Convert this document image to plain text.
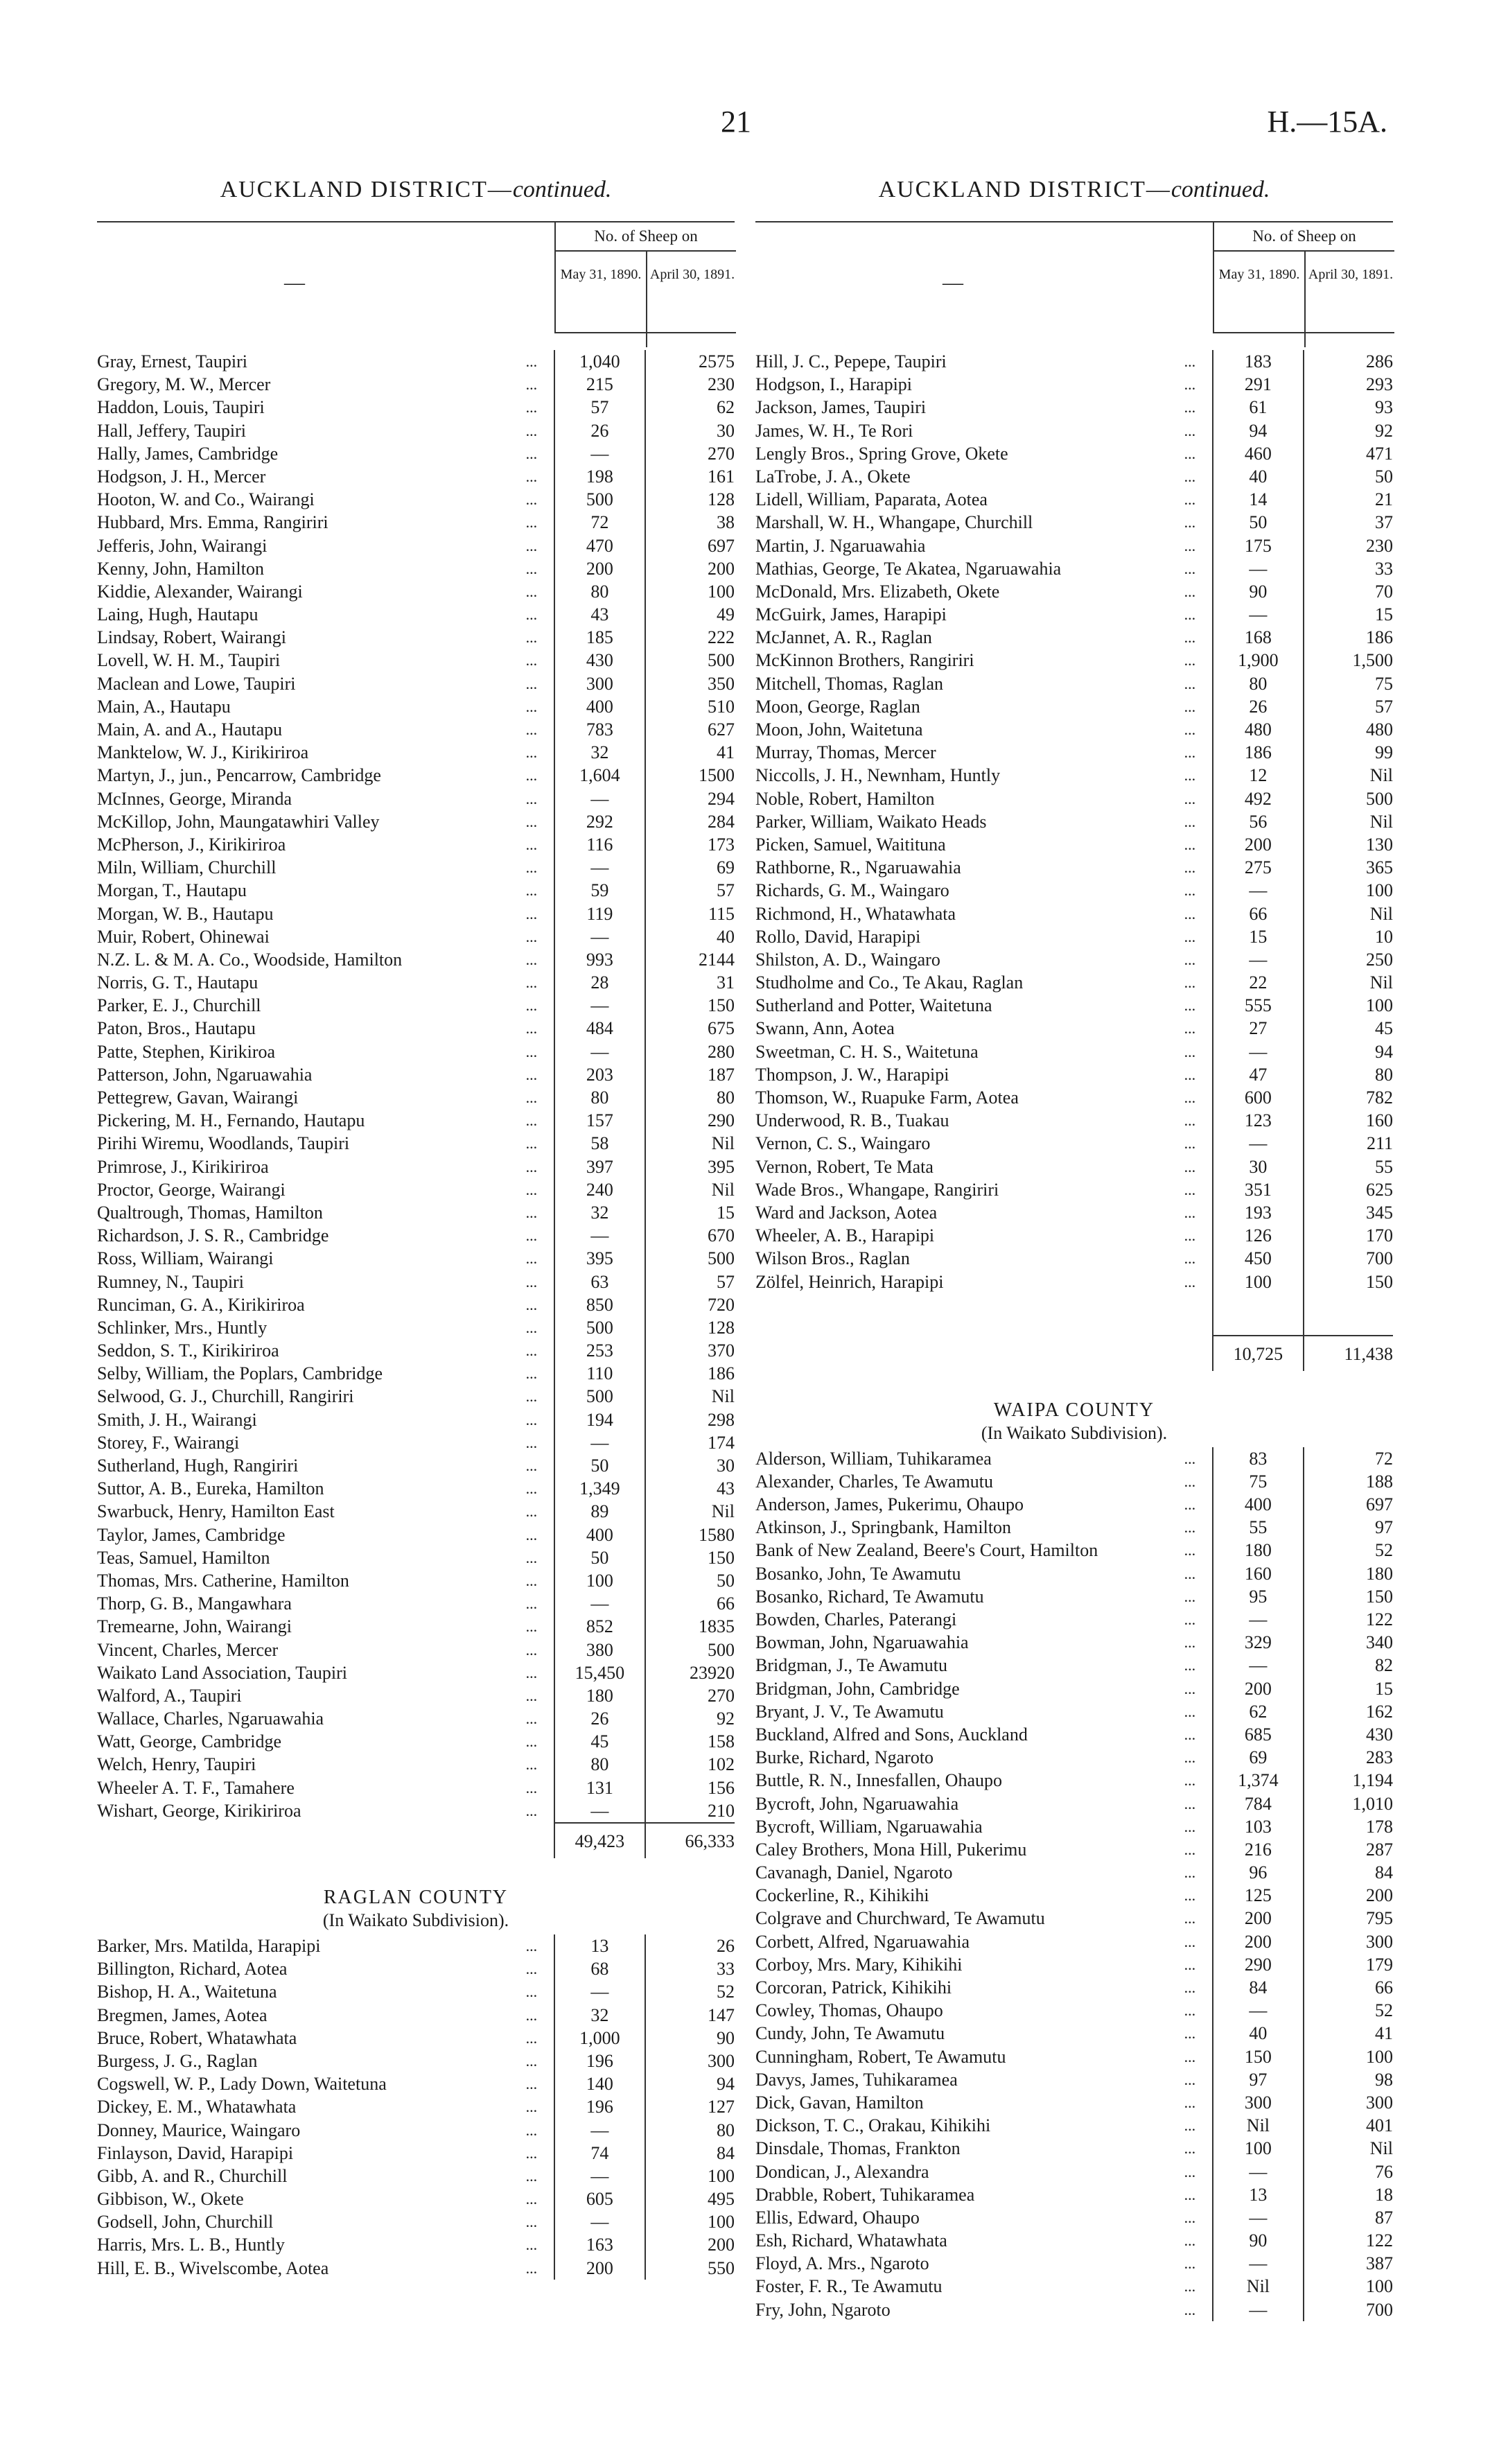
21	H.—15A.
AUCKLAND DISTRICT—continued.
—
No. of Sheep on
May 31, 1890. April 30, 1891.
Gray, Ernest, Taupiri	...	1,040	2575
Gregory, M. W., Mercer	...	215	230
Haddon, Louis, Taupiri	...	57	62
Hall, Jeffery, Taupiri	...	26	30
Hally, James, Cambridge	...	—	270
Hodgson, J. H., Mercer	...	198	161
Hooton, W. and Co., Wairangi	...	500	128
Hubbard, Mrs. Emma, Rangiriri	...	72	38
Jefferis, John, Wairangi	...	470	697
Kenny, John, Hamilton	...	200	200
Kiddie, Alexander, Wairangi	...	80	100
Laing, Hugh, Hautapu	...	43	49
Lindsay, Robert, Wairangi	...	185	222
Lovell, W. H. M., Taupiri	...	430	500
Maclean and Lowe, Taupiri	...	300	350
Main, A., Hautapu	...	400	510
Main, A. and A., Hautapu	...	783	627
Manktelow, W. J., Kirikiriroa	...	32	41
Martyn, J., jun., Pencarrow, Cambridge	...	1,604	1500
McInnes, George, Miranda	...	—	294
McKillop, John, Maungatawhiri Valley	...	292	284
McPherson, J., Kirikiriroa	...	116	173
Miln, William, Churchill	...	—	69
Morgan, T., Hautapu	...	59	57
Morgan, W. B., Hautapu	...	119	115
Muir, Robert, Ohinewai	...	—	40
N.Z. L. & M. A. Co., Woodside, Hamilton	...	993	2144
Norris, G. T., Hautapu	...	28	31
Parker, E. J., Churchill	...	—	150
Paton, Bros., Hautapu	...	484	675
Patte, Stephen, Kirikiroa	...	—	280
Patterson, John, Ngaruawahia	...	203	187
Pettegrew, Gavan, Wairangi	...	80	80
Pickering, M. H., Fernando, Hautapu	...	157	290
Pirihi Wiremu, Woodlands, Taupiri	...	58	Nil
Primrose, J., Kirikiriroa	...	397	395
Proctor, George, Wairangi	...	240	Nil
Qualtrough, Thomas, Hamilton	...	32	15
Richardson, J. S. R., Cambridge	...	—	670
Ross, William, Wairangi	...	395	500
Rumney, N., Taupiri	...	63	57
Runciman, G. A., Kirikiriroa	...	850	720
Schlinker, Mrs., Huntly	...	500	128
Seddon, S. T., Kirikiriroa	...	253	370
Selby, William, the Poplars, Cambridge	...	110	186
Selwood, G. J., Churchill, Rangiriri	...	500	Nil
Smith, J. H., Wairangi	...	194	298
Storey, F., Wairangi	...	—	174
Sutherland, Hugh, Rangiriri	...	50	30
Suttor, A. B., Eureka, Hamilton	...	1,349	43
Swarbuck, Henry, Hamilton East	...	89	Nil
Taylor, James, Cambridge	...	400	1580
Teas, Samuel, Hamilton	...	50	150
Thomas, Mrs. Catherine, Hamilton	...	100	50
Thorp, G. B., Mangawhara	...	—	66
Tremearne, John, Wairangi	...	852	1835
Vincent, Charles, Mercer	...	380	500
Waikato Land Association, Taupiri	...	15,450	23920
Walford, A., Taupiri	...	180	270
Wallace, Charles, Ngaruawahia	...	26	92
Watt, George, Cambridge	...	45	158
Welch, Henry, Taupiri	...	80	102
Wheeler A. T. F., Tamahere	...	131	156
Wishart, George, Kirikiriroa	...	—	210
49,423	66,333
RAGLAN COUNTY
(In Waikato Subdivision).
Barker, Mrs. Matilda, Harapipi	...	13	26
Billington, Richard, Aotea	...	68	33
Bishop, H. A., Waitetuna	...	—	52
Bregmen, James, Aotea	...	32	147
Bruce, Robert, Whatawhata	...	1,000	90
Burgess, J. G., Raglan	...	196	300
Cogswell, W. P., Lady Down, Waitetuna	...	140	94
Dickey, E. M., Whatawhata	...	196	127
Donney, Maurice, Waingaro	...	—	80
Finlayson, David, Harapipi	...	74	84
Gibb, A. and R., Churchill	...	—	100
Gibbison, W., Okete	...	605	495
Godsell, John, Churchill	...	—	100
Harris, Mrs. L. B., Huntly	...	163	200
Hill, E. B., Wivelscombe, Aotea	...	200	550
AUCKLAND DISTRICT—continued.
—
No. of Sheep on
May 31, 1890. April 30, 1891.
Hill, J. C., Pepepe, Taupiri	...	183	286
Hodgson, I., Harapipi	...	291	293
Jackson, James, Taupiri	...	61	93
James, W. H., Te Rori	...	94	92
Lengly Bros., Spring Grove, Okete	...	460	471
LaTrobe, J. A., Okete	...	40	50
Lidell, William, Paparata, Aotea	...	14	21
Marshall, W. H., Whangape, Churchill	...	50	37
Martin, J. Ngaruawahia	...	175	230
Mathias, George, Te Akatea, Ngaruawahia	...	—	33
McDonald, Mrs. Elizabeth, Okete	...	90	70
McGuirk, James, Harapipi	...	—	15
McJannet, A. R., Raglan	...	168	186
McKinnon Brothers, Rangiriri	...	1,900	1,500
Mitchell, Thomas, Raglan	...	80	75
Moon, George, Raglan	...	26	57
Moon, John, Waitetuna	...	480	480
Murray, Thomas, Mercer	...	186	99
Niccolls, J. H., Newnham, Huntly	...	12	Nil
Noble, Robert, Hamilton	...	492	500
Parker, William, Waikato Heads	...	56	Nil
Picken, Samuel, Waitituna	...	200	130
Rathborne, R., Ngaruawahia	...	275	365
Richards, G. M., Waingaro	...	—	100
Richmond, H., Whatawhata	...	66	Nil
Rollo, David, Harapipi	...	15	10
Shilston, A. D., Waingaro	...	—	250
Studholme and Co., Te Akau, Raglan	...	22	Nil
Sutherland and Potter, Waitetuna	...	555	100
Swann, Ann, Aotea	...	27	45
Sweetman, C. H. S., Waitetuna	...	—	94
Thompson, J. W., Harapipi	...	47	80
Thomson, W., Ruapuke Farm, Aotea	...	600	782
Underwood, R. B., Tuakau	...	123	160
Vernon, C. S., Waingaro	...	—	211
Vernon, Robert, Te Mata	...	30	55
Wade Bros., Whangape, Rangiriri	...	351	625
Ward and Jackson, Aotea	...	193	345
Wheeler, A. B., Harapipi	...	126	170
Wilson Bros., Raglan	...	450	700
Zölfel, Heinrich, Harapipi	...	100	150
10,725	11,438
WAIPA COUNTY
(In Waikato Subdivision).
Alderson, William, Tuhikaramea	...	83	72
Alexander, Charles, Te Awamutu	...	75	188
Anderson, James, Pukerimu, Ohaupo	...	400	697
Atkinson, J., Springbank, Hamilton	...	55	97
Bank of New Zealand, Beere's Court, Hamilton	...	180	52
Bosanko, John, Te Awamutu	...	160	180
Bosanko, Richard, Te Awamutu	...	95	150
Bowden, Charles, Paterangi	...	—	122
Bowman, John, Ngaruawahia	...	329	340
Bridgman, J., Te Awamutu	...	—	82
Bridgman, John, Cambridge	...	200	15
Bryant, J. V., Te Awamutu	...	62	162
Buckland, Alfred and Sons, Auckland	...	685	430
Burke, Richard, Ngaroto	...	69	283
Buttle, R. N., Innesfallen, Ohaupo	...	1,374	1,194
Bycroft, John, Ngaruawahia	...	784	1,010
Bycroft, William, Ngaruawahia	...	103	178
Caley Brothers, Mona Hill, Pukerimu	...	216	287
Cavanagh, Daniel, Ngaroto	...	96	84
Cockerline, R., Kihikihi	...	125	200
Colgrave and Churchward, Te Awamutu	...	200	795
Corbett, Alfred, Ngaruawahia	...	200	300
Corboy, Mrs. Mary, Kihikihi	...	290	179
Corcoran, Patrick, Kihikihi	...	84	66
Cowley, Thomas, Ohaupo	...	—	52
Cundy, John, Te Awamutu	...	40	41
Cunningham, Robert, Te Awamutu	...	150	100
Davys, James, Tuhikaramea	...	97	98
Dick, Gavan, Hamilton	...	300	300
Dickson, T. C., Orakau, Kihikihi	...	Nil	401
Dinsdale, Thomas, Frankton	...	100	Nil
Dondican, J., Alexandra	...	—	76
Drabble, Robert, Tuhikaramea	...	13	18
Ellis, Edward, Ohaupo	...	—	87
Esh, Richard, Whatawhata	...	90	122
Floyd, A. Mrs., Ngaroto	...	—	387
Foster, F. R., Te Awamutu	...	Nil	100
Fry, John, Ngaroto	...	—	700
